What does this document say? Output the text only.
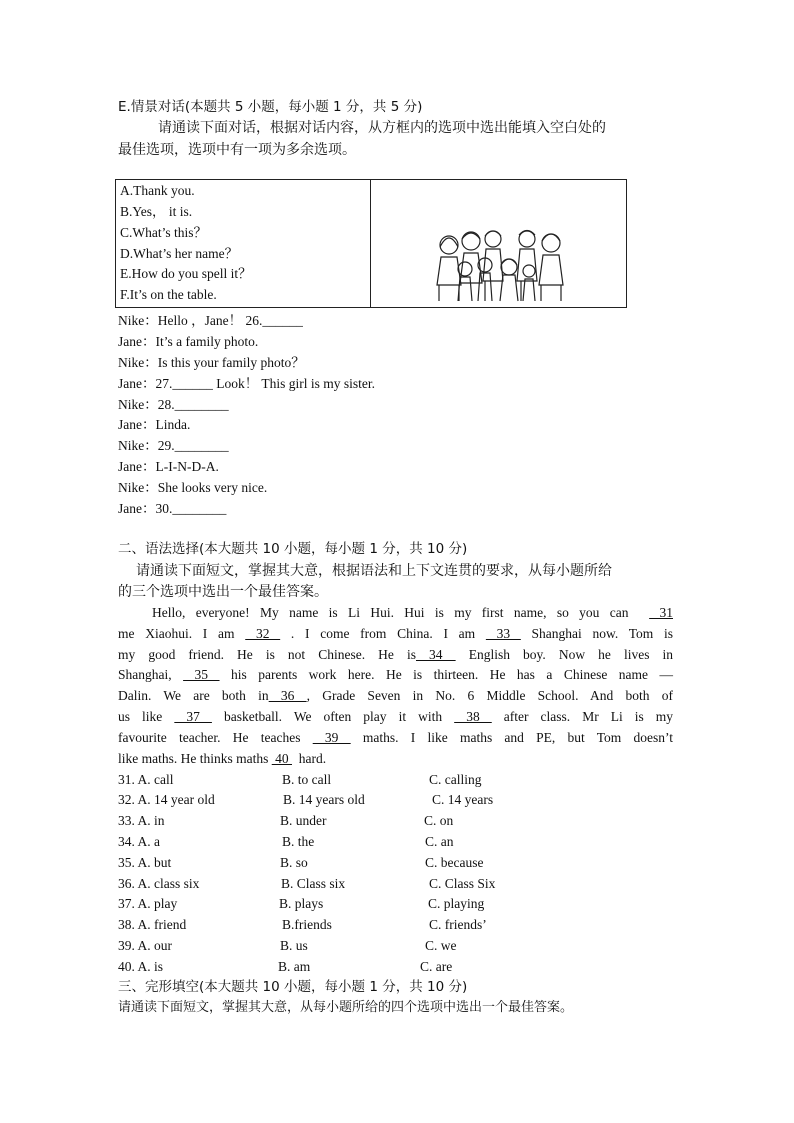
E.情景对话(本题共 5 小题，每小题 1 分，共 5 分)
请通读下面对话，根据对话内容，从方框内的选项中选出能填入空白处的
最佳选项，选项中有一项为多余选项。
A.Thank you.
B.Yes， it is.
C.What’s this？
D.What’s her name？
E.How do you spell it？
F.It’s on the table.
Nike：Hello ，Jane！ 26.______
Jane：It’s a family photo.
Nike：Is this your family photo？
Jane：27.______ Look！ This girl is my sister.
Nike：28.________
Jane：Linda.
Nike：29.________
Jane：L-I-N-D-A.
Nike：She looks very nice.
Jane：30.________
二、语法选择(本大题共 10 小题，每小题 1 分，共 10 分)
请通读下面短文，掌握其大意，根据语法和上下文连贯的要求，从每小题所给
的三个选项中选出一个最佳答案。
Hello, everyone! My name is Li Hui. Hui is my first name, so you can   31
me Xiaohui. I am  32  . I come from China. I am  33  Shanghai now. Tom is
my good friend. He is not Chinese. He is 34  English boy. Now he lives in
Shanghai,  35  his parents work here. He is thirteen. He has a Chinese name —
Dalin. We are both in 36 , Grade Seven in No. 6 Middle School. And both of
us like  37  basketball. We often play it with  38  after class. Mr Li is my
favourite teacher. He teaches  39  maths. I like maths and PE, but Tom doesn’t
like maths. He thinks maths  40   hard.
31. A. call	B. to call	C. calling
32. A. 14 year old	B. 14 years old	C. 14 years
33. A. in	B. under	C. on
34. A. a	B. the	C. an
35. A. but	B. so	C. because
36. A. class six	B. Class six	C. Class Six
37. A. play	B. plays	C. playing
38. A. friend	B.friends	C. friends’
39. A. our	B. us	C. we
40. A. is	B. am	C. are
三、完形填空(本大题共 10 小题，每小题 1 分，共 10 分)
请通读下面短文，掌握其大意，从每小题所给的四个选项中选出一个最佳答案。
